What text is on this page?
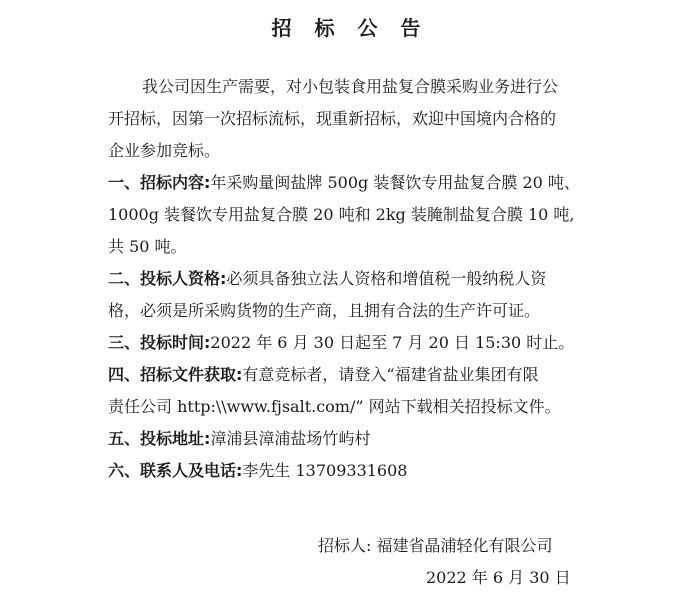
招 标 公 告
我公司因生产需要，对小包装食用盐复合膜采购业务进行公
开招标，因第一次招标流标，现重新招标，欢迎中国境内合格的
企业参加竞标。
一、招标内容:年采购量闽盐牌 500g 装餐饮专用盐复合膜 20 吨、
1000g 装餐饮专用盐复合膜 20 吨和 2kg 装腌制盐复合膜 10 吨,
共 50 吨。
二、投标人资格:必须具备独立法人资格和增值税一般纳税人资
格，必须是所采购货物的生产商，且拥有合法的生产许可证。
三、投标时间:2022 年 6 月 30 日起至 7 月 20 日 15:30 时止。
四、招标文件获取:有意竞标者，请登入“福建省盐业集团有限
责任公司 http:\\www.fjsalt.com/” 网站下载相关招投标文件。
五、投标地址:漳浦县漳浦盐场竹屿村
六、联系人及电话:李先生 13709331608
招标人: 福建省晶浦轻化有限公司
2022 年 6 月 30 日
